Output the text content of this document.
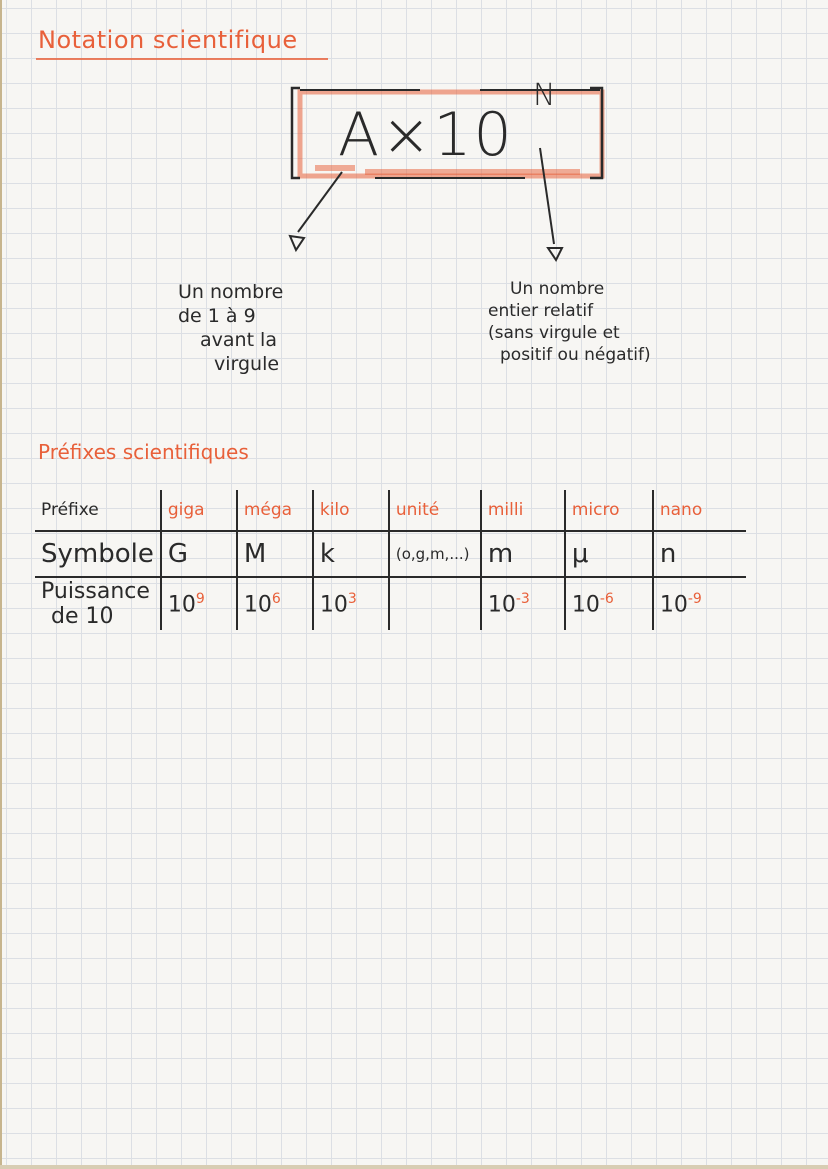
Notation scientifique
A×10
N
Un nombre
de 1 à 9
avant la
virgule
Un nombre
entier relatif
(sans virgule et
positif ou négatif)
Préfixes scientifiques
Préfixe	giga	méga	kilo	unité	milli	micro	nano
Symbole	G	M	k	(o,g,m,...)	m	μ	n

Puissance
de 10	$10^9$	$10^6$	$10^3$		$10^{-3}$	$10^{-6}$	$10^{-9}$
